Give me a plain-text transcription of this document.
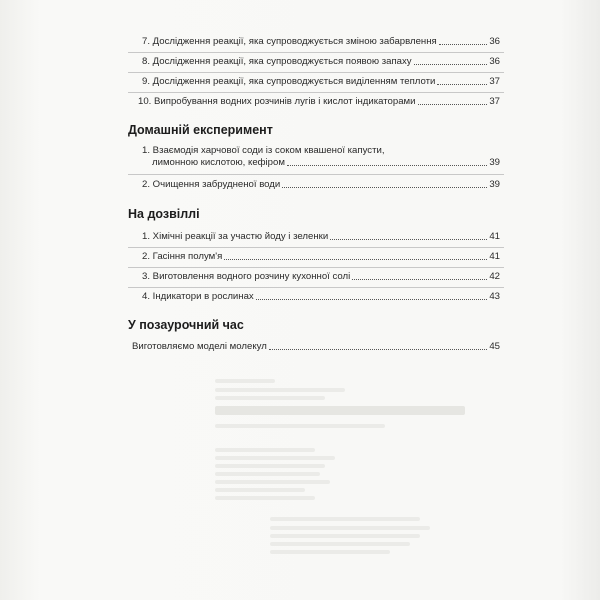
7. Дослідження реакції, яка супроводжується зміною забарвлення	36
8. Дослідження реакції, яка супроводжується появою запаху	36
9. Дослідження реакції, яка супроводжується виділенням теплоти	37
10. Випробування водних розчинів лугів і кислот індикаторами	37
Домашній експеримент
1. Взаємодія харчової соди із соком квашеної капусти,
лимонною кислотою, кефіром	39
2. Очищення забрудненої води	39
На дозвіллі
1. Хімічні реакції за участю йоду і зеленки	41
2. Гасіння полум'я	41
3. Виготовлення водного розчину кухонної солі	42
4. Індикатори в рослинах	43
У позаурочний час
Виготовляємо моделі молекул	45
